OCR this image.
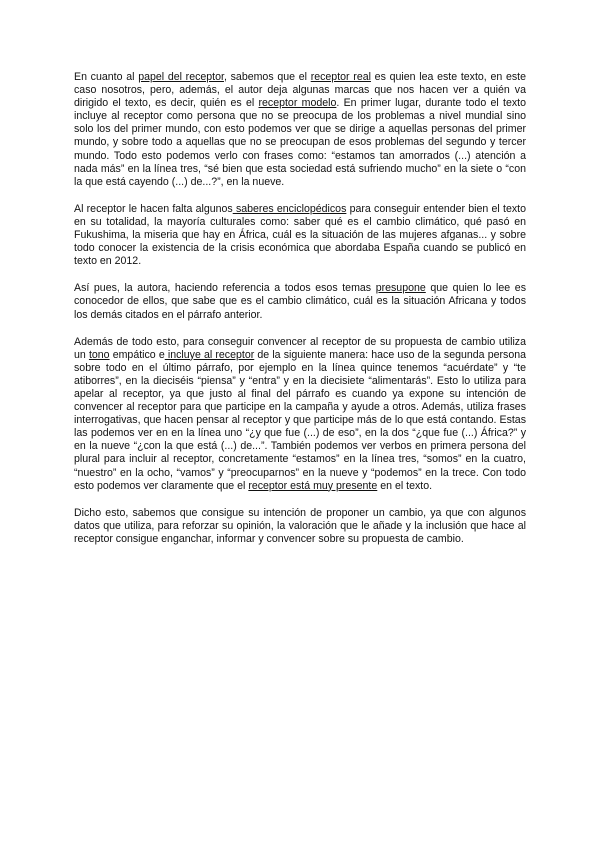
En cuanto al papel del receptor, sabemos que el receptor real es quien lea este texto, en este caso nosotros, pero, además, el autor deja algunas marcas que nos hacen ver a quién va dirigido el texto, es decir, quién es el receptor modelo. En primer lugar, durante todo el texto incluye al receptor como persona que no se preocupa de los problemas a nivel mundial sino solo los del primer mundo, con esto podemos ver que se dirige a aquellas personas del primer mundo, y sobre todo a aquellas que no se preocupan de esos problemas del segundo y tercer mundo. Todo esto podemos verlo con frases como: “estamos tan amorrados (...) atención a nada más” en la línea tres, “sé bien que esta sociedad está sufriendo mucho” en la siete o “con la que está cayendo (...) de...?”, en la nueve.

Al receptor le hacen falta algunos saberes enciclopédicos para conseguir entender bien el texto en su totalidad, la mayoría culturales como: saber qué es el cambio climático, qué pasó en Fukushima, la miseria que hay en África, cuál es la situación de las mujeres afganas... y sobre todo conocer la existencia de la crisis económica que abordaba España cuando se publicó en texto en 2012.

Así pues, la autora, haciendo referencia a todos esos temas presupone que quien lo lee es conocedor de ellos, que sabe que es el cambio climático, cuál es la situación Africana y todos los demás citados en el párrafo anterior.

Además de todo esto, para conseguir convencer al receptor de su propuesta de cambio utiliza un tono empático e incluye al receptor de la siguiente manera: hace uso de la segunda persona sobre todo en el último párrafo, por ejemplo en la línea quince tenemos “acuérdate” y “te atiborres”, en la dieciséis “piensa” y “entra” y en la diecisiete “alimentarás”. Esto lo utiliza para apelar al receptor, ya que justo al final del párrafo es cuando ya expone su intención de convencer al receptor para que participe en la campaña y ayude a otros. Además, utiliza frases interrogativas, que hacen pensar al receptor y que participe más de lo que está contando. Estas las podemos ver en en la línea uno “¿y que fue (...) de eso”, en la dos “¿que fue (...) África?” y en la nueve “¿con la que está (...) de...”. También podemos ver verbos en primera persona del plural para incluir al receptor, concretamente “estamos” en la línea tres, “somos” en la cuatro, “nuestro” en la ocho, “vamos” y “preocuparnos” en la nueve y “podemos” en la trece. Con todo esto podemos ver claramente que el receptor está muy presente en el texto.

Dicho esto, sabemos que consigue su intención de proponer un cambio, ya que con algunos datos que utiliza, para reforzar su opinión, la valoración que le añade y la inclusión que hace al receptor consigue enganchar, informar y convencer sobre su propuesta de cambio.
